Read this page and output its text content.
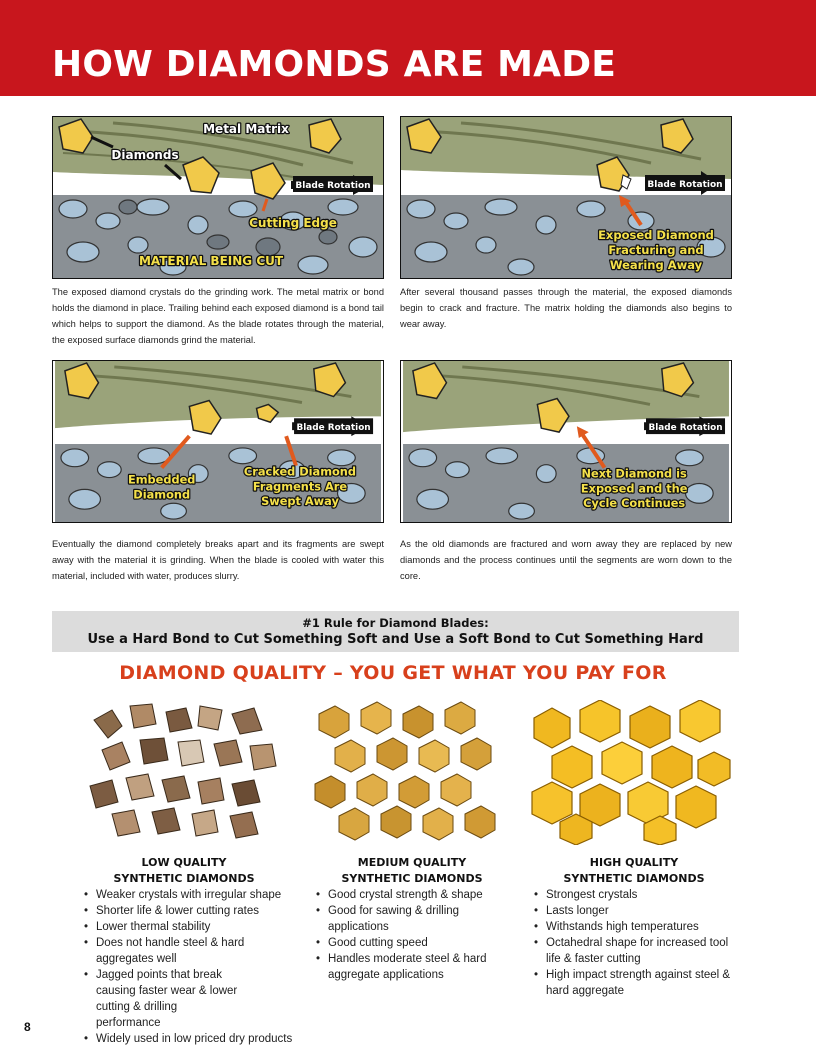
HOW DIAMONDS ARE MADE
Blade Rotation
Metal Matrix
Diamonds
Cutting Edge
MATERIAL BEING CUT
The exposed diamond crystals do the grinding work. The metal matrix or bond holds the diamond in place. Trailing behind each exposed diamond is a bond tail which helps to support the diamond. As the blade rotates through the material, the exposed surface diamonds grind the material.
Blade Rotation
Exposed Diamond
Fracturing and
Wearing Away
After several thousand passes through the material, the exposed diamonds begin to crack and fracture. The matrix holding the diamonds also begins to wear away.
Blade Rotation
Embedded
Diamond
Cracked Diamond
Fragments Are
Swept Away
Eventually the diamond completely breaks apart and its fragments are swept away with the material it is grinding. When the blade is cooled with water this material, included with water, produces slurry.
Blade Rotation
Next Diamond is
Exposed and the
Cycle Continues
As the old diamonds are fractured and worn away they are replaced by new diamonds and the process continues until the segments are worn down to the core.
#1 Rule for Diamond Blades:
Use a Hard Bond to Cut Something Soft and Use a Soft Bond to Cut Something Hard
DIAMOND QUALITY – YOU GET WHAT YOU PAY FOR
LOW QUALITY
SYNTHETIC DIAMONDS
• Weaker crystals with irregular shape
• Shorter life & lower cutting rates
• Lower thermal stability
• Does not handle steel & hard aggregates well
• Jagged points that break causing faster wear & lower cutting & drilling performance
• Widely used in low priced dry products
MEDIUM QUALITY
SYNTHETIC DIAMONDS
• Good crystal strength & shape
• Good for sawing & drilling applications
• Good cutting speed
• Handles moderate steel & hard aggregate applications
HIGH QUALITY
SYNTHETIC DIAMONDS
• Strongest crystals
• Lasts longer
• Withstands high temperatures
• Octahedral shape for increased tool life & faster cutting
• High impact strength against steel & hard aggregate
8
